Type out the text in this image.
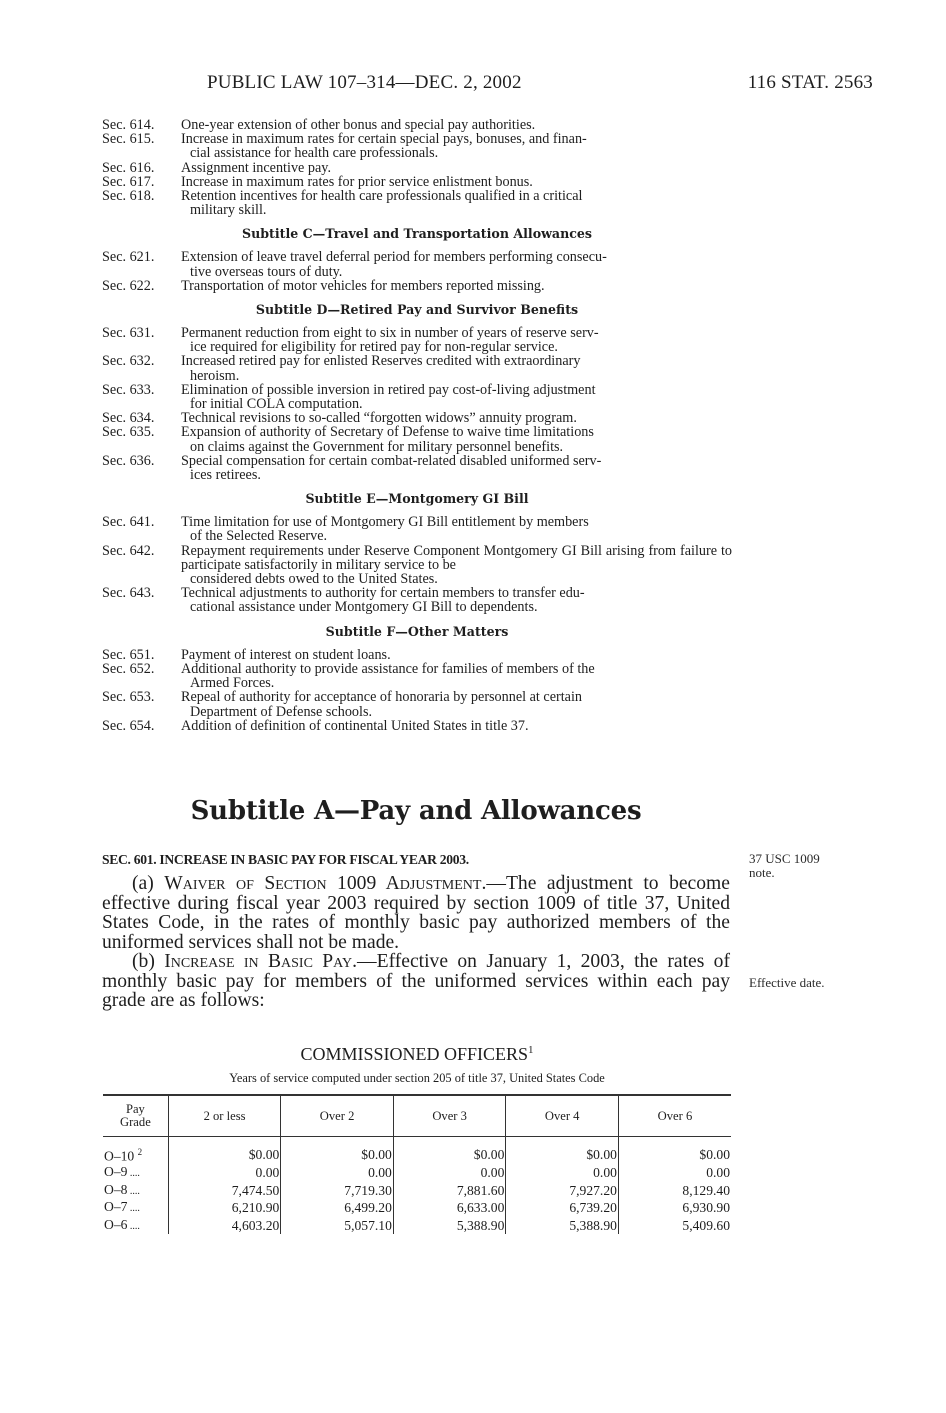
PUBLIC LAW 107–314—DEC. 2, 2002	116 STAT. 2563
Sec. 614.	One-year extension of other bonus and special pay authorities.
Sec. 615.	Increase in maximum rates for certain special pays, bonuses, and finan-
cial assistance for health care professionals.
Sec. 616.	Assignment incentive pay.
Sec. 617.	Increase in maximum rates for prior service enlistment bonus.
Sec. 618.	Retention incentives for health care professionals qualified in a critical
military skill.
Subtitle C—Travel and Transportation Allowances
Sec. 621.	Extension of leave travel deferral period for members performing consecu-
tive overseas tours of duty.
Sec. 622.	Transportation of motor vehicles for members reported missing.
Subtitle D—Retired Pay and Survivor Benefits
Sec. 631.	Permanent reduction from eight to six in number of years of reserve serv-
ice required for eligibility for retired pay for non-regular service.
Sec. 632.	Increased retired pay for enlisted Reserves credited with extraordinary
heroism.
Sec. 633.	Elimination of possible inversion in retired pay cost-of-living adjustment
for initial COLA computation.
Sec. 634.	Technical revisions to so-called “forgotten widows” annuity program.
Sec. 635.	Expansion of authority of Secretary of Defense to waive time limitations
on claims against the Government for military personnel benefits.
Sec. 636.	Special compensation for certain combat-related disabled uniformed serv-
ices retirees.
Subtitle E—Montgomery GI Bill
Sec. 641.	Time limitation for use of Montgomery GI Bill entitlement by members
of the Selected Reserve.
Sec. 642.	Repayment requirements under Reserve Component Montgomery GI Bill arising from failure to participate satisfactorily in military service to be
considered debts owed to the United States.
Sec. 643.	Technical adjustments to authority for certain members to transfer edu-
cational assistance under Montgomery GI Bill to dependents.
Subtitle F—Other Matters
Sec. 651.	Payment of interest on student loans.
Sec. 652.	Additional authority to provide assistance for families of members of the
Armed Forces.
Sec. 653.	Repeal of authority for acceptance of honoraria by personnel at certain
Department of Defense schools.
Sec. 654.	Addition of definition of continental United States in title 37.
Subtitle A—Pay and Allowances
SEC. 601. INCREASE IN BASIC PAY FOR FISCAL YEAR 2003.	37 USC 1009
note.
Effective date.

(a) Waiver of Section 1009 Adjustment.—The adjustment to become effective during fiscal year 2003 required by section 1009 of title 37, United States Code, in the rates of monthly basic pay authorized members of the uniformed services shall not be made.

(b) Increase in Basic Pay.—Effective on January 1, 2003, the rates of monthly basic pay for members of the uniformed services within each pay grade are as follows:

COMMISSIONED OFFICERS$^1$
Years of service computed under section 205 of title 37, United States Code
Pay
Grade	2 or less	Over 2	Over 3	Over 4	Over 6
O–10 $^2$	$0.00	$0.00	$0.00	$0.00	$0.00
O–9 ....	0.00	0.00	0.00	0.00	0.00
O–8 ....	7,474.50	7,719.30	7,881.60	7,927.20	8,129.40
O–7 ....	6,210.90	6,499.20	6,633.00	6,739.20	6,930.90
O–6 ....	4,603.20	5,057.10	5,388.90	5,388.90	5,409.60
